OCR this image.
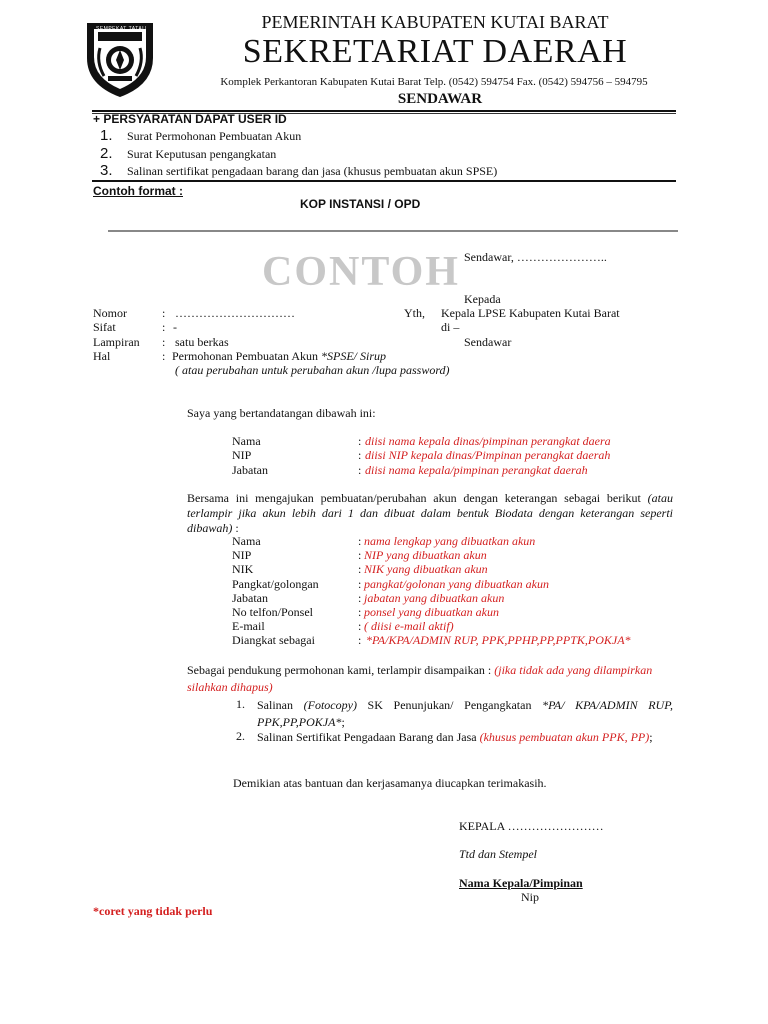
SEMPEKAT TATAU	PEMERINTAH KABUPATEN KUTAI BARAT
SEKRETARIAT DAERAH
Komplek Perkantoran Kabupaten Kutai Barat Telp. (0542) 594754 Fax. (0542) 594756 – 594795
SENDAWAR
+ PERSYARATAN DAPAT USER ID
1. Surat Permohonan Pembuatan Akun
2. Surat Keputusan pengangkatan
3. Salinan sertifikat pengadaan barang dan jasa (khusus pembuatan akun SPSE)
Contoh format :
KOP INSTANSI / OPD
CONTOH Sendawar, …………………..
Kepada
Yth, Kepala LPSE Kabupaten Kutai Barat
di –
Sendawar
Nomor	: …………………………
Sifat	: -
Lampiran : satu berkas
Hal	: Permohonan Pembuatan Akun *SPSE/ Sirup
( atau perubahan untuk perubahan akun /lupa password)
Saya yang bertandatangan dibawah ini:
Nama	: diisi nama kepala dinas/pimpinan perangkat daera
NIP	: diisi NIP kepala dinas/Pimpinan perangkat daerah
Jabatan	: diisi nama kepala/pimpinan perangkat daerah
Bersama ini mengajukan pembuatan/perubahan akun dengan keterangan sebagai berikut (atau terlampir jika akun lebih dari 1 dan dibuat dalam bentuk Biodata dengan keterangan seperti dibawah) :
Nama	: nama lengkap yang dibuatkan akun
NIP	: NIP yang dibuatkan akun
NIK	: NIK yang dibuatkan akun
Pangkat/golongan	: pangkat/golonan yang dibuatkan akun
Jabatan	: jabatan yang dibuatkan akun
No telfon/Ponsel	: ponsel yang dibuatkan akun
E-mail	: ( diisi e-mail aktif)
Diangkat sebagai	: *PA/KPA/ADMIN RUP, PPK,PPHP,PP,PPTK,POKJA*
Sebagai pendukung permohonan kami, terlampir disampaikan : (jika tidak ada yang dilampirkan silahkan dihapus)
1. Salinan (Fotocopy) SK Penunjukan/ Pengangkatan *PA/ KPA/ADMIN RUP, PPK,PP,POKJA*;
2. Salinan Sertifikat Pengadaan Barang dan Jasa (khusus pembuatan akun PPK, PP);
Demikian atas bantuan dan kerjasamanya diucapkan terimakasih.
KEPALA ……………………
Ttd dan Stempel
Nama Kepala/Pimpinan
Nip
*coret yang tidak perlu
